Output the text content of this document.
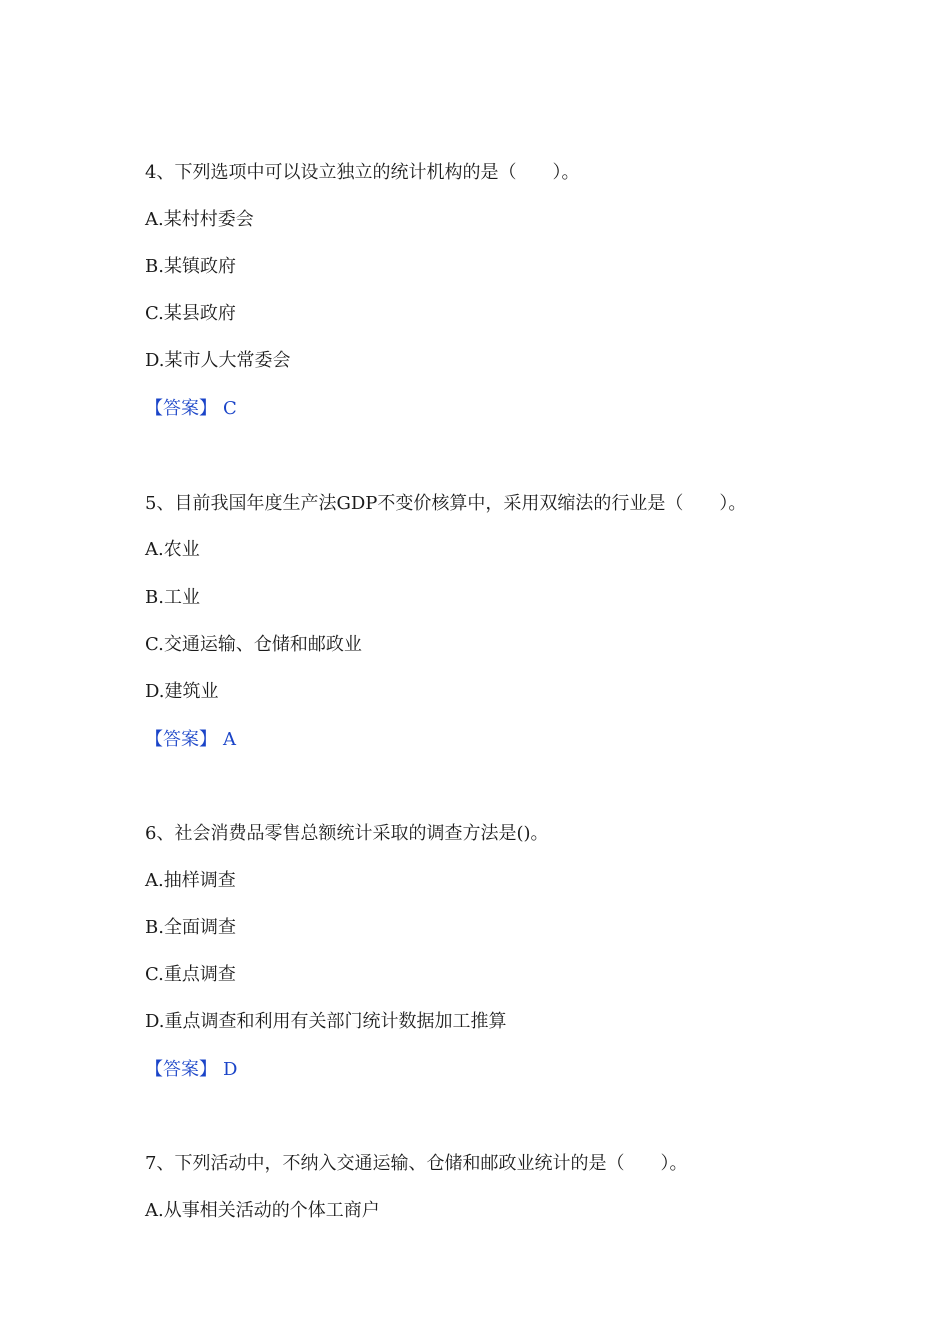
4、下列选项中可以设立独立的统计机构的是（　　）。
A.某村村委会
B.某镇政府
C.某县政府
D.某市人大常委会
【答案】 C
5、目前我国年度生产法GDP不变价核算中，采用双缩法的行业是（　　）。
A.农业
B.工业
C.交通运输、仓储和邮政业
D.建筑业
【答案】 A
6、社会消费品零售总额统计采取的调查方法是()。
A.抽样调查
B.全面调查
C.重点调查
D.重点调查和利用有关部门统计数据加工推算
【答案】 D
7、下列活动中，不纳入交通运输、仓储和邮政业统计的是（　　）。
A.从事相关活动的个体工商户
